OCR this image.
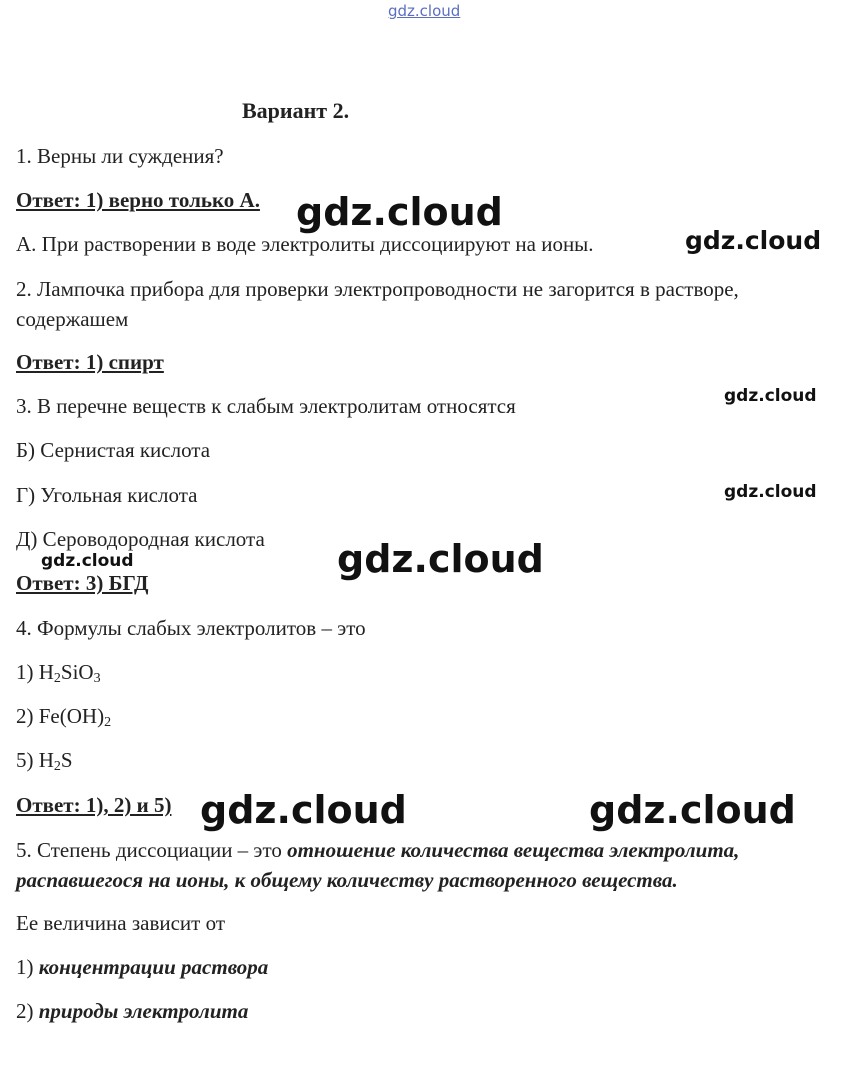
gdz.cloud
Вариант 2.
1. Верны ли суждения?
Ответ: 1) верно только А.
А. При растворении в воде электролиты диссоциируют на ионы.
2. Лампочка прибора для проверки электропроводности не загорится в растворе,
содержашем
Ответ: 1) спирт
3. В перечне веществ к слабым электролитам относятся
Б) Сернистая кислота
Г) Угольная кислота
Д) Сероводородная кислота
Ответ: 3) БГД
4. Формулы слабых электролитов – это
1) $H_2SiO_3$
2) $Fe(OH)_2$
5) $H_2S$
Ответ: 1), 2) и 5)
5. Степень диссоциации – это отношение количества вещества электролита,
распавшегося на ионы, к общему количеству растворенного вещества.
Ее величина зависит от
1) концентрации раствора
2) природы электролита
gdz.cloud
gdz.cloud
gdz.cloud
gdz.cloud
gdz.cloud
gdz.cloud
gdz.cloud	gdz.cloud
